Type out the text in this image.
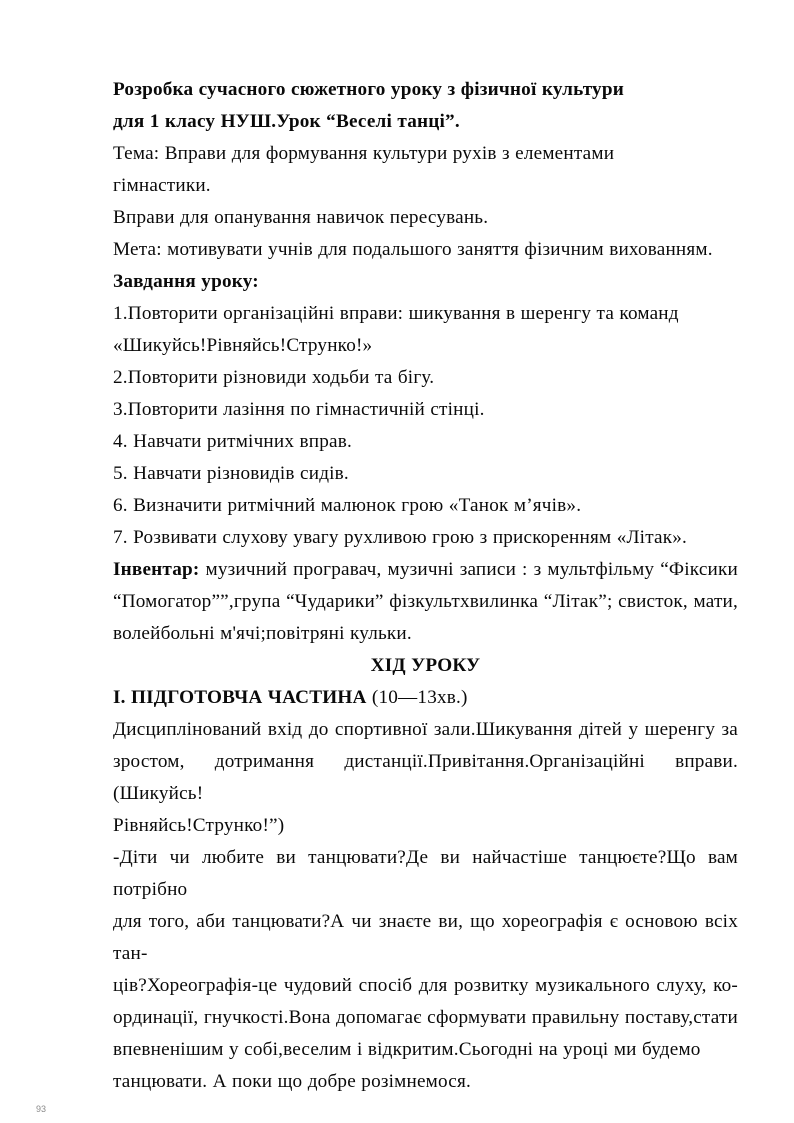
Розробка сучасного сюжетного уроку з фізичної культури
для 1 класу НУШ.Урок “Веселі танці”.
Тема: Вправи для формування культури рухів з елементами
гімнастики.
Вправи для опанування навичок пересувань.
Мета: мотивувати учнів для подальшого заняття фізичним вихованням.
Завдання уроку:
1.Повторити організаційні вправи: шикування в шеренгу та команд
«Шикуйсь!Рівняйсь!Струнко!»
2.Повторити різновиди ходьби та бігу.
3.Повторити лазіння по гімнастичній стінці.
4. Навчати ритмічних вправ.
5. Навчати різновидів сидів.
6. Визначити ритмічний малюнок грою «Танок м’ячів».
7. Розвивати слухову увагу рухливою грою з прискоренням «Літак».
Інвентар: музичний програвач, музичні записи : з мультфільму “Фіксики
“Помогатор””,група “Чударики” фізкультхвилинка “Літак”; свисток, мати,
волейбольні м'ячі;повітряні кульки.
ХІД УРОКУ
І. ПІДГОТОВЧА ЧАСТИНА (10—13хв.)
Дисциплінований вхід до спортивної зали.Шикування дітей у шеренгу за
зростом, дотримання дистанції.Привітання.Організаційні вправи.(Шикуйсь!
Рівняйсь!Струнко!”)
-Діти чи любите ви танцювати?Де ви найчастіше танцюєте?Що вам потрібно
для того, аби танцювати?А чи знаєте ви, що хореографія є основою всіх тан-
ців?Хореографія-це чудовий спосіб для розвитку музикального слуху, ко-
ординації, гнучкості.Вона допомагає сформувати правильну поставу,стати
впевненішим у собі,веселим і відкритим.Сьогодні на уроці ми будемо
танцювати. А поки що добре розімнемося.
93
